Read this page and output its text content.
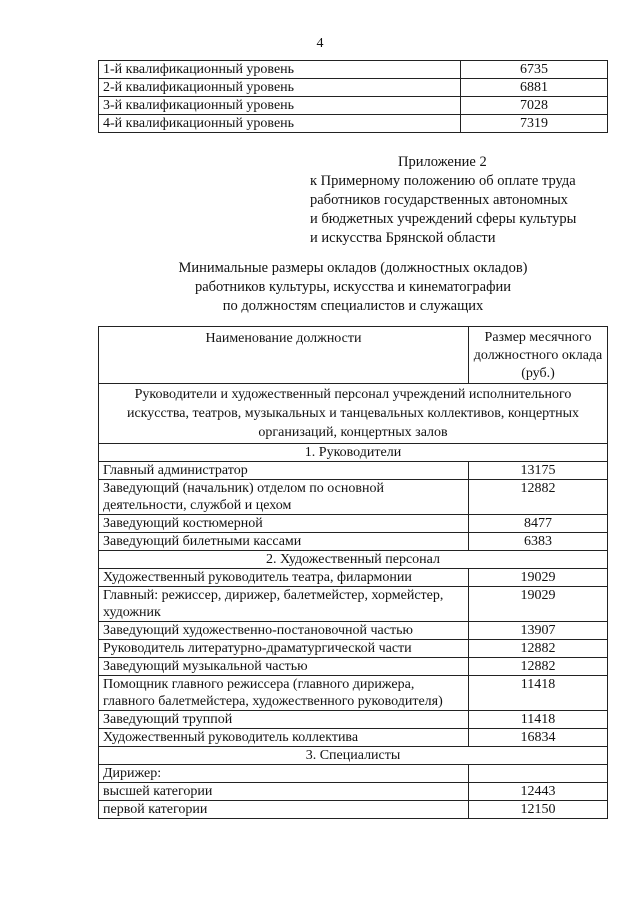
4
1-й квалификационный уровень	6735
2-й квалификационный уровень	6881
3-й квалификационный уровень	7028
4-й квалификационный уровень	7319
Приложение 2
к Примерному положению об оплате труда
работников государственных автономных
и бюджетных учреждений сферы культуры
и искусства Брянской области
Минимальные размеры окладов (должностных окладов)
работников культуры, искусства и кинематографии
по должностям специалистов и служащих
Наименование должности	Размер месячного должностного оклада (руб.)
Руководители и художественный персонал учреждений исполнительного искусства, театров, музыкальных и танцевальных коллективов, концертных организаций, концертных залов	
1. Руководители	
Главный администратор	13175
Заведующий (начальник) отделом по основной деятельности, службой и цехом	12882
Заведующий костюмерной	8477
Заведующий билетными кассами	6383
2. Художественный персонал	
Художественный руководитель театра, филармонии	19029
Главный: режиссер, дирижер, балетмейстер, хормейстер, художник	19029
Заведующий художественно-постановочной частью	13907
Руководитель литературно-драматургической части	12882
Заведующий музыкальной частью	12882
Помощник главного режиссера (главного дирижера, главного балетмейстера, художественного руководителя)	11418
Заведующий труппой	11418
Художественный руководитель коллектива	16834
3. Специалисты	
Дирижер:	
высшей категории	12443
первой категории	12150
